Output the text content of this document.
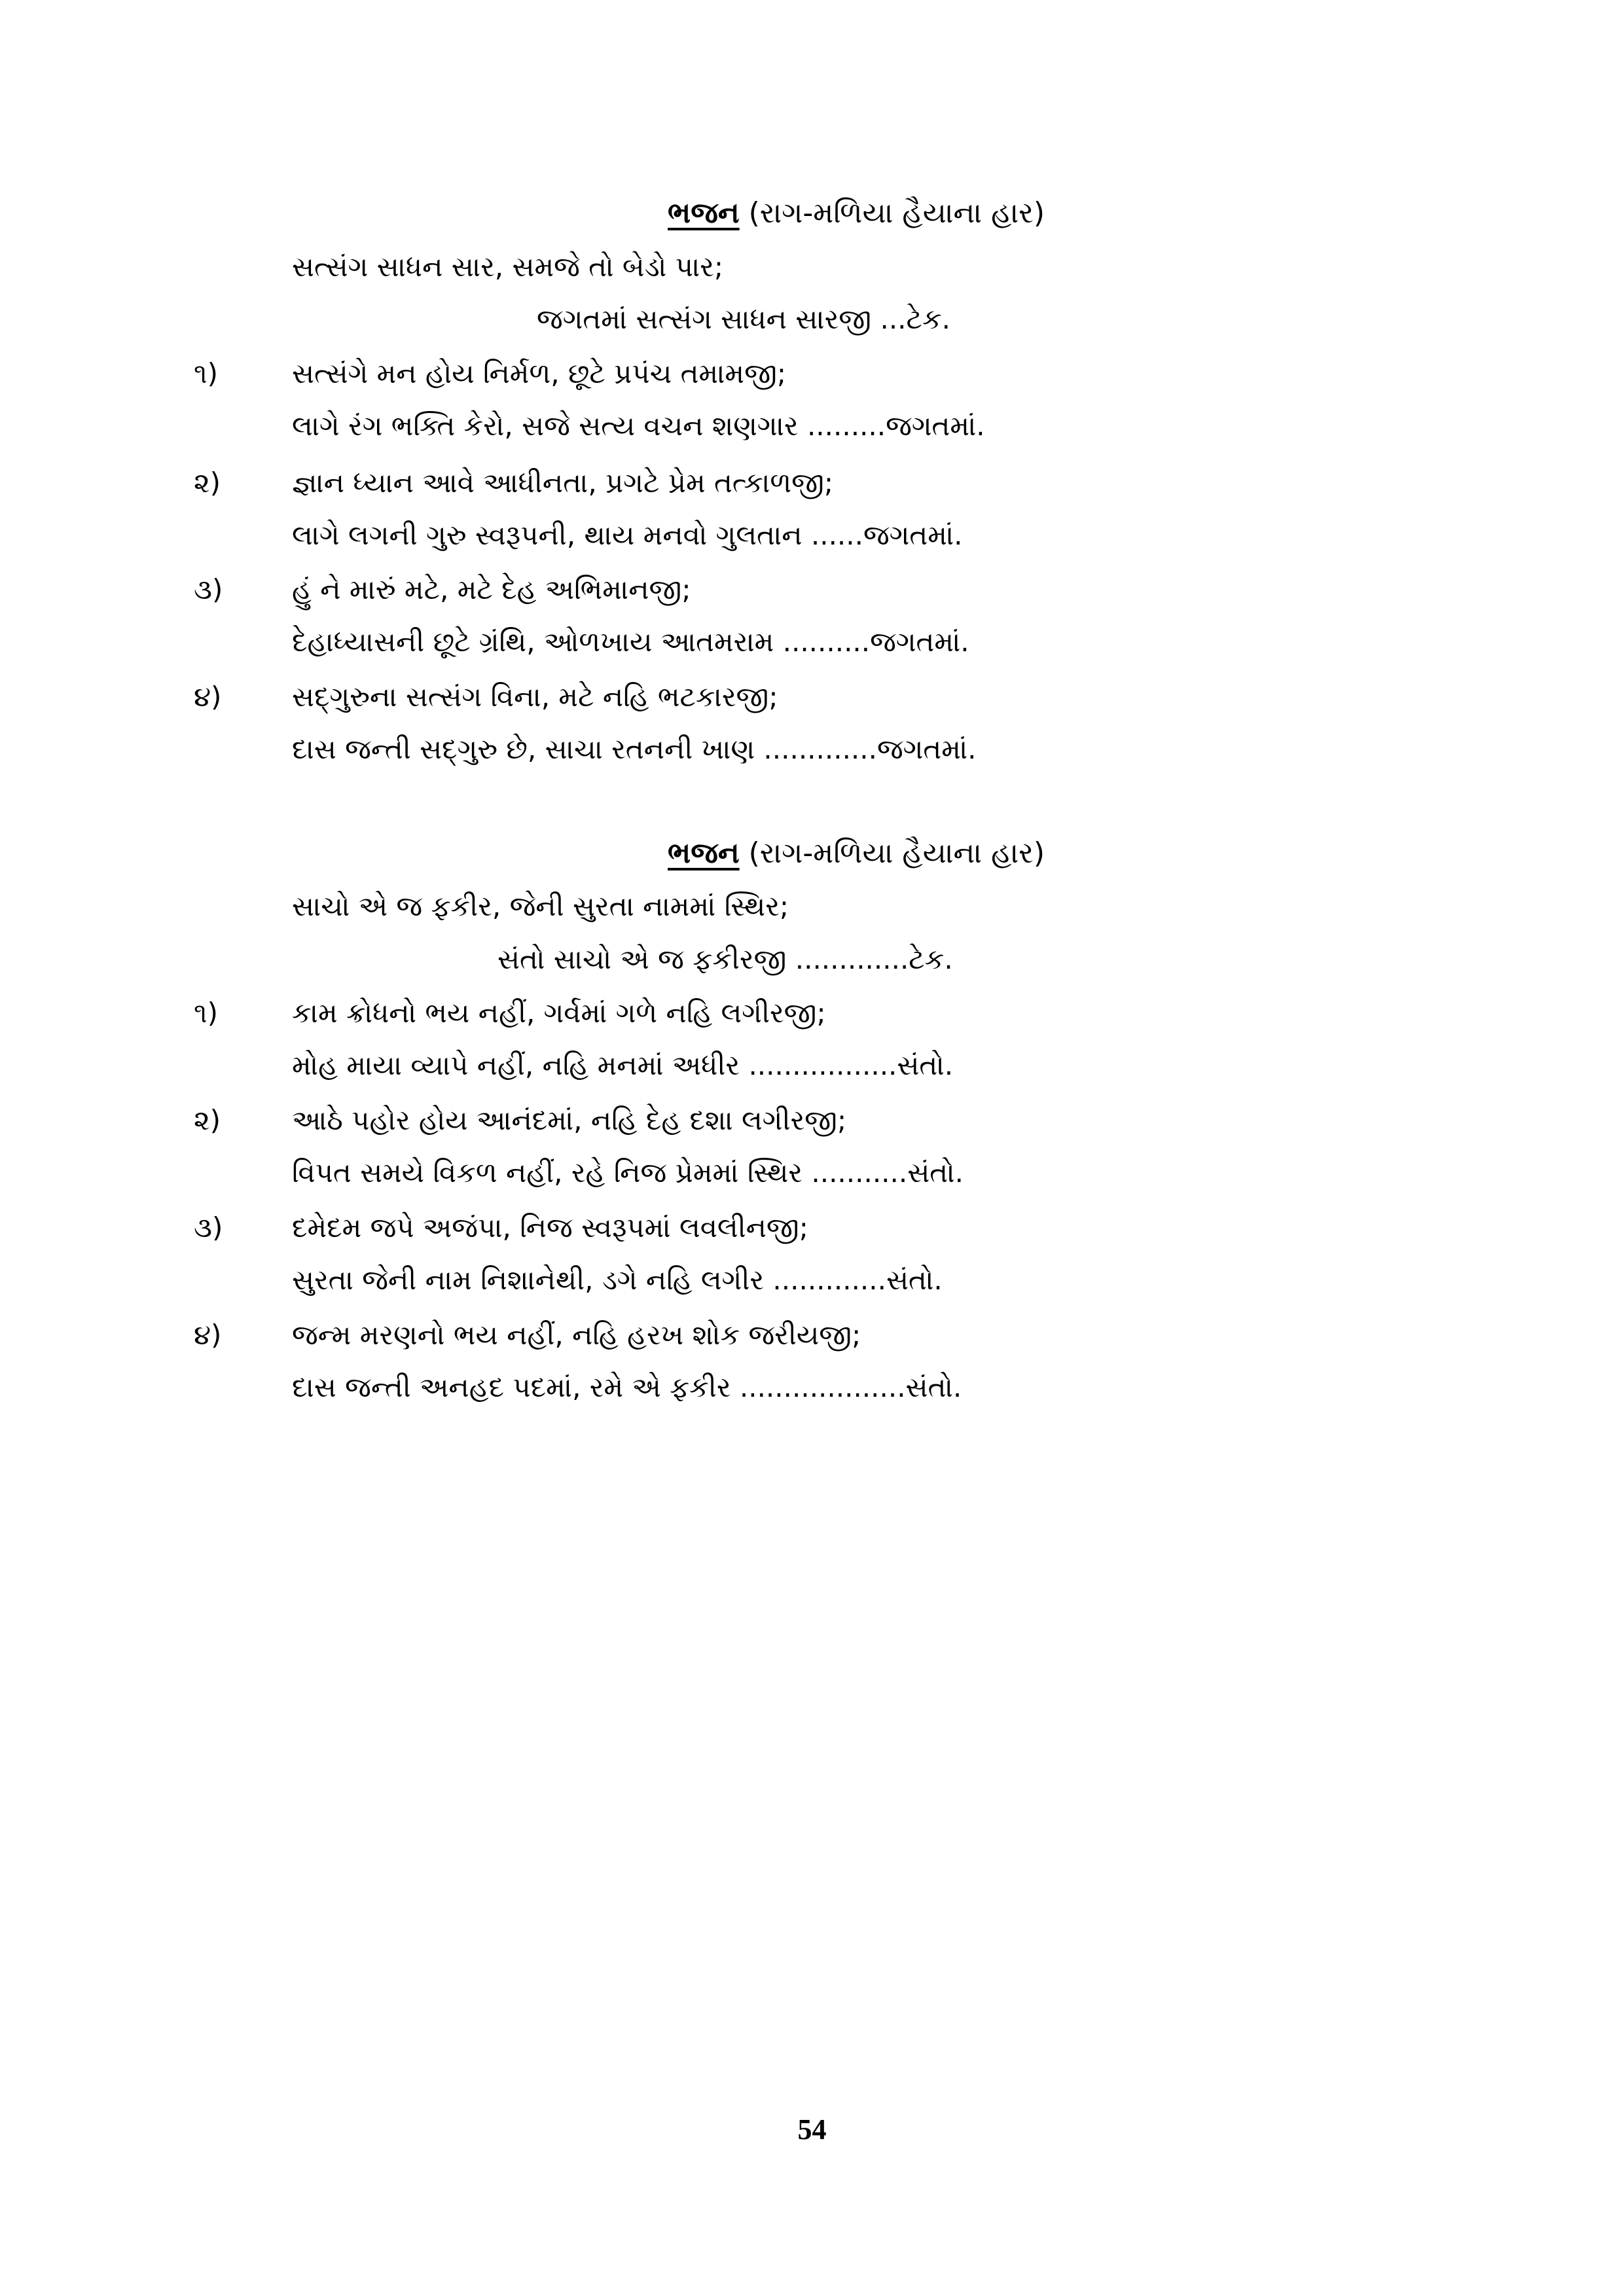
ભજન (રાગ-મળિયા હૈયાના હાર)
સત્સંગ સાધન સાર, સમજે તો બેડો પાર;
જગતમાં સત્સંગ સાધન સારજી ...ટેક.
૧)	સત્સંગે મન હોય નિર્મળ, છૂટે પ્રપંચ તમામજી;
લાગે રંગ ભક્તિ કેરો, સજે સત્ય વચન શણગાર .........જગતમાં.
૨)	જ્ઞાન ધ્યાન આવે આધીનતા, પ્રગટે પ્રેમ તત્કાળજી;
લાગે લગની ગુરુ સ્વરૂપની, થાય મનવો ગુલતાન ......જગતમાં.
૩)	હું ને મારું મટે, મટે દેહ અભિમાનજી;
દેહાધ્યાસની છૂટે ગ્રંથિ, ઓળખાય આતમરામ ..........જગતમાં.
૪)	સદ્ગુરુના સત્સંગ વિના, મટે નહિ ભટકારજી;
દાસ જન્તી સદ્ગુરુ છે, સાચા રતનની ખાણ .............જગતમાં.
ભજન (રાગ-મળિયા હૈયાના હાર)
સાચો એ જ ફકીર, જેની સુરતા નામમાં સ્થિર;
સંતો સાચો એ જ ફકીરજી .............ટેક.
૧)	કામ ક્રોધનો ભય નહીં, ગર્વમાં ગળે નહિ લગીરજી;
મોહ માયા વ્યાપે નહીં, નહિ મનમાં અધીર .................સંતો.
૨)	આઠે પહોર હોય આનંદમાં, નહિ દેહ દશા લગીરજી;
વિપત સમયે વિકળ નહીં, રહે નિજ પ્રેમમાં સ્થિર ...........સંતો.
૩)	દમેદમ જપે અજંપા, નિજ સ્વરૂપમાં લવલીનજી;
સુરતા જેની નામ નિશાનેથી, ડગે નહિ લગીર .............સંતો.
૪)	જન્મ મરણનો ભય નહીં, નહિ હરખ શોક જરીયજી;
દાસ જન્તી અનહદ પદમાં, રમે એ ફકીર ...................સંતો.
54
